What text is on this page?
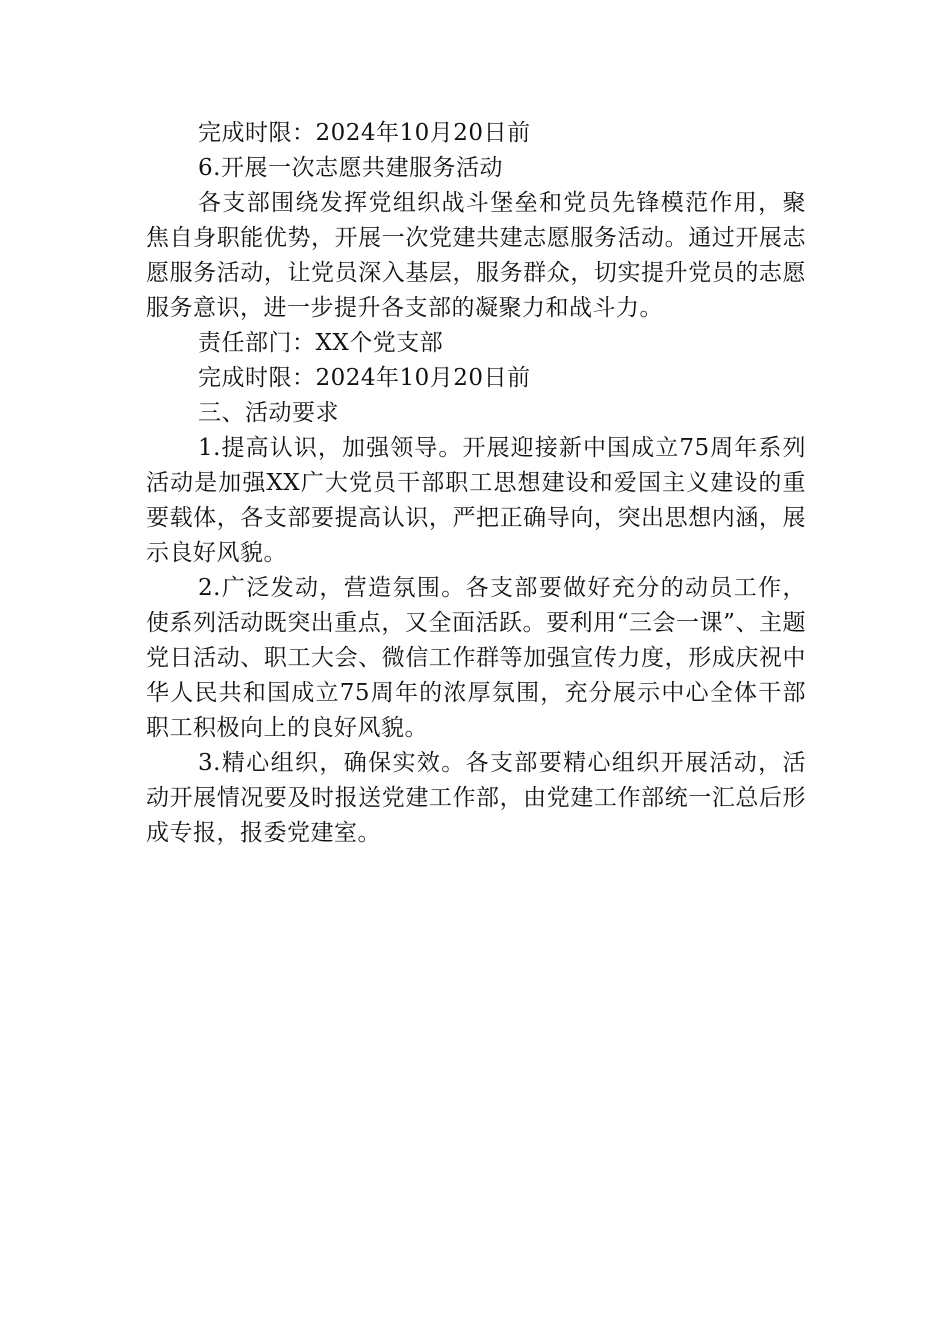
完成时限：2024年10月20日前

6.开展一次志愿共建服务活动

各支部围绕发挥党组织战斗堡垒和党员先锋模范作用，聚焦自身职能优势，开展一次党建共建志愿服务活动。通过开展志愿服务活动，让党员深入基层，服务群众，切实提升党员的志愿服务意识，进一步提升各支部的凝聚力和战斗力。

责任部门：XX个党支部

完成时限：2024年10月20日前

三、活动要求

1.提高认识，加强领导。开展迎接新中国成立75周年系列活动是加强XX广大党员干部职工思想建设和爱国主义建设的重要载体，各支部要提高认识，严把正确导向，突出思想内涵，展示良好风貌。

2.广泛发动，营造氛围。各支部要做好充分的动员工作，使系列活动既突出重点，又全面活跃。要利用“三会一课”、主题党日活动、职工大会、微信工作群等加强宣传力度，形成庆祝中华人民共和国成立75周年的浓厚氛围，充分展示中心全体干部职工积极向上的良好风貌。

3.精心组织，确保实效。各支部要精心组织开展活动，活动开展情况要及时报送党建工作部，由党建工作部统一汇总后形成专报，报委党建室。
